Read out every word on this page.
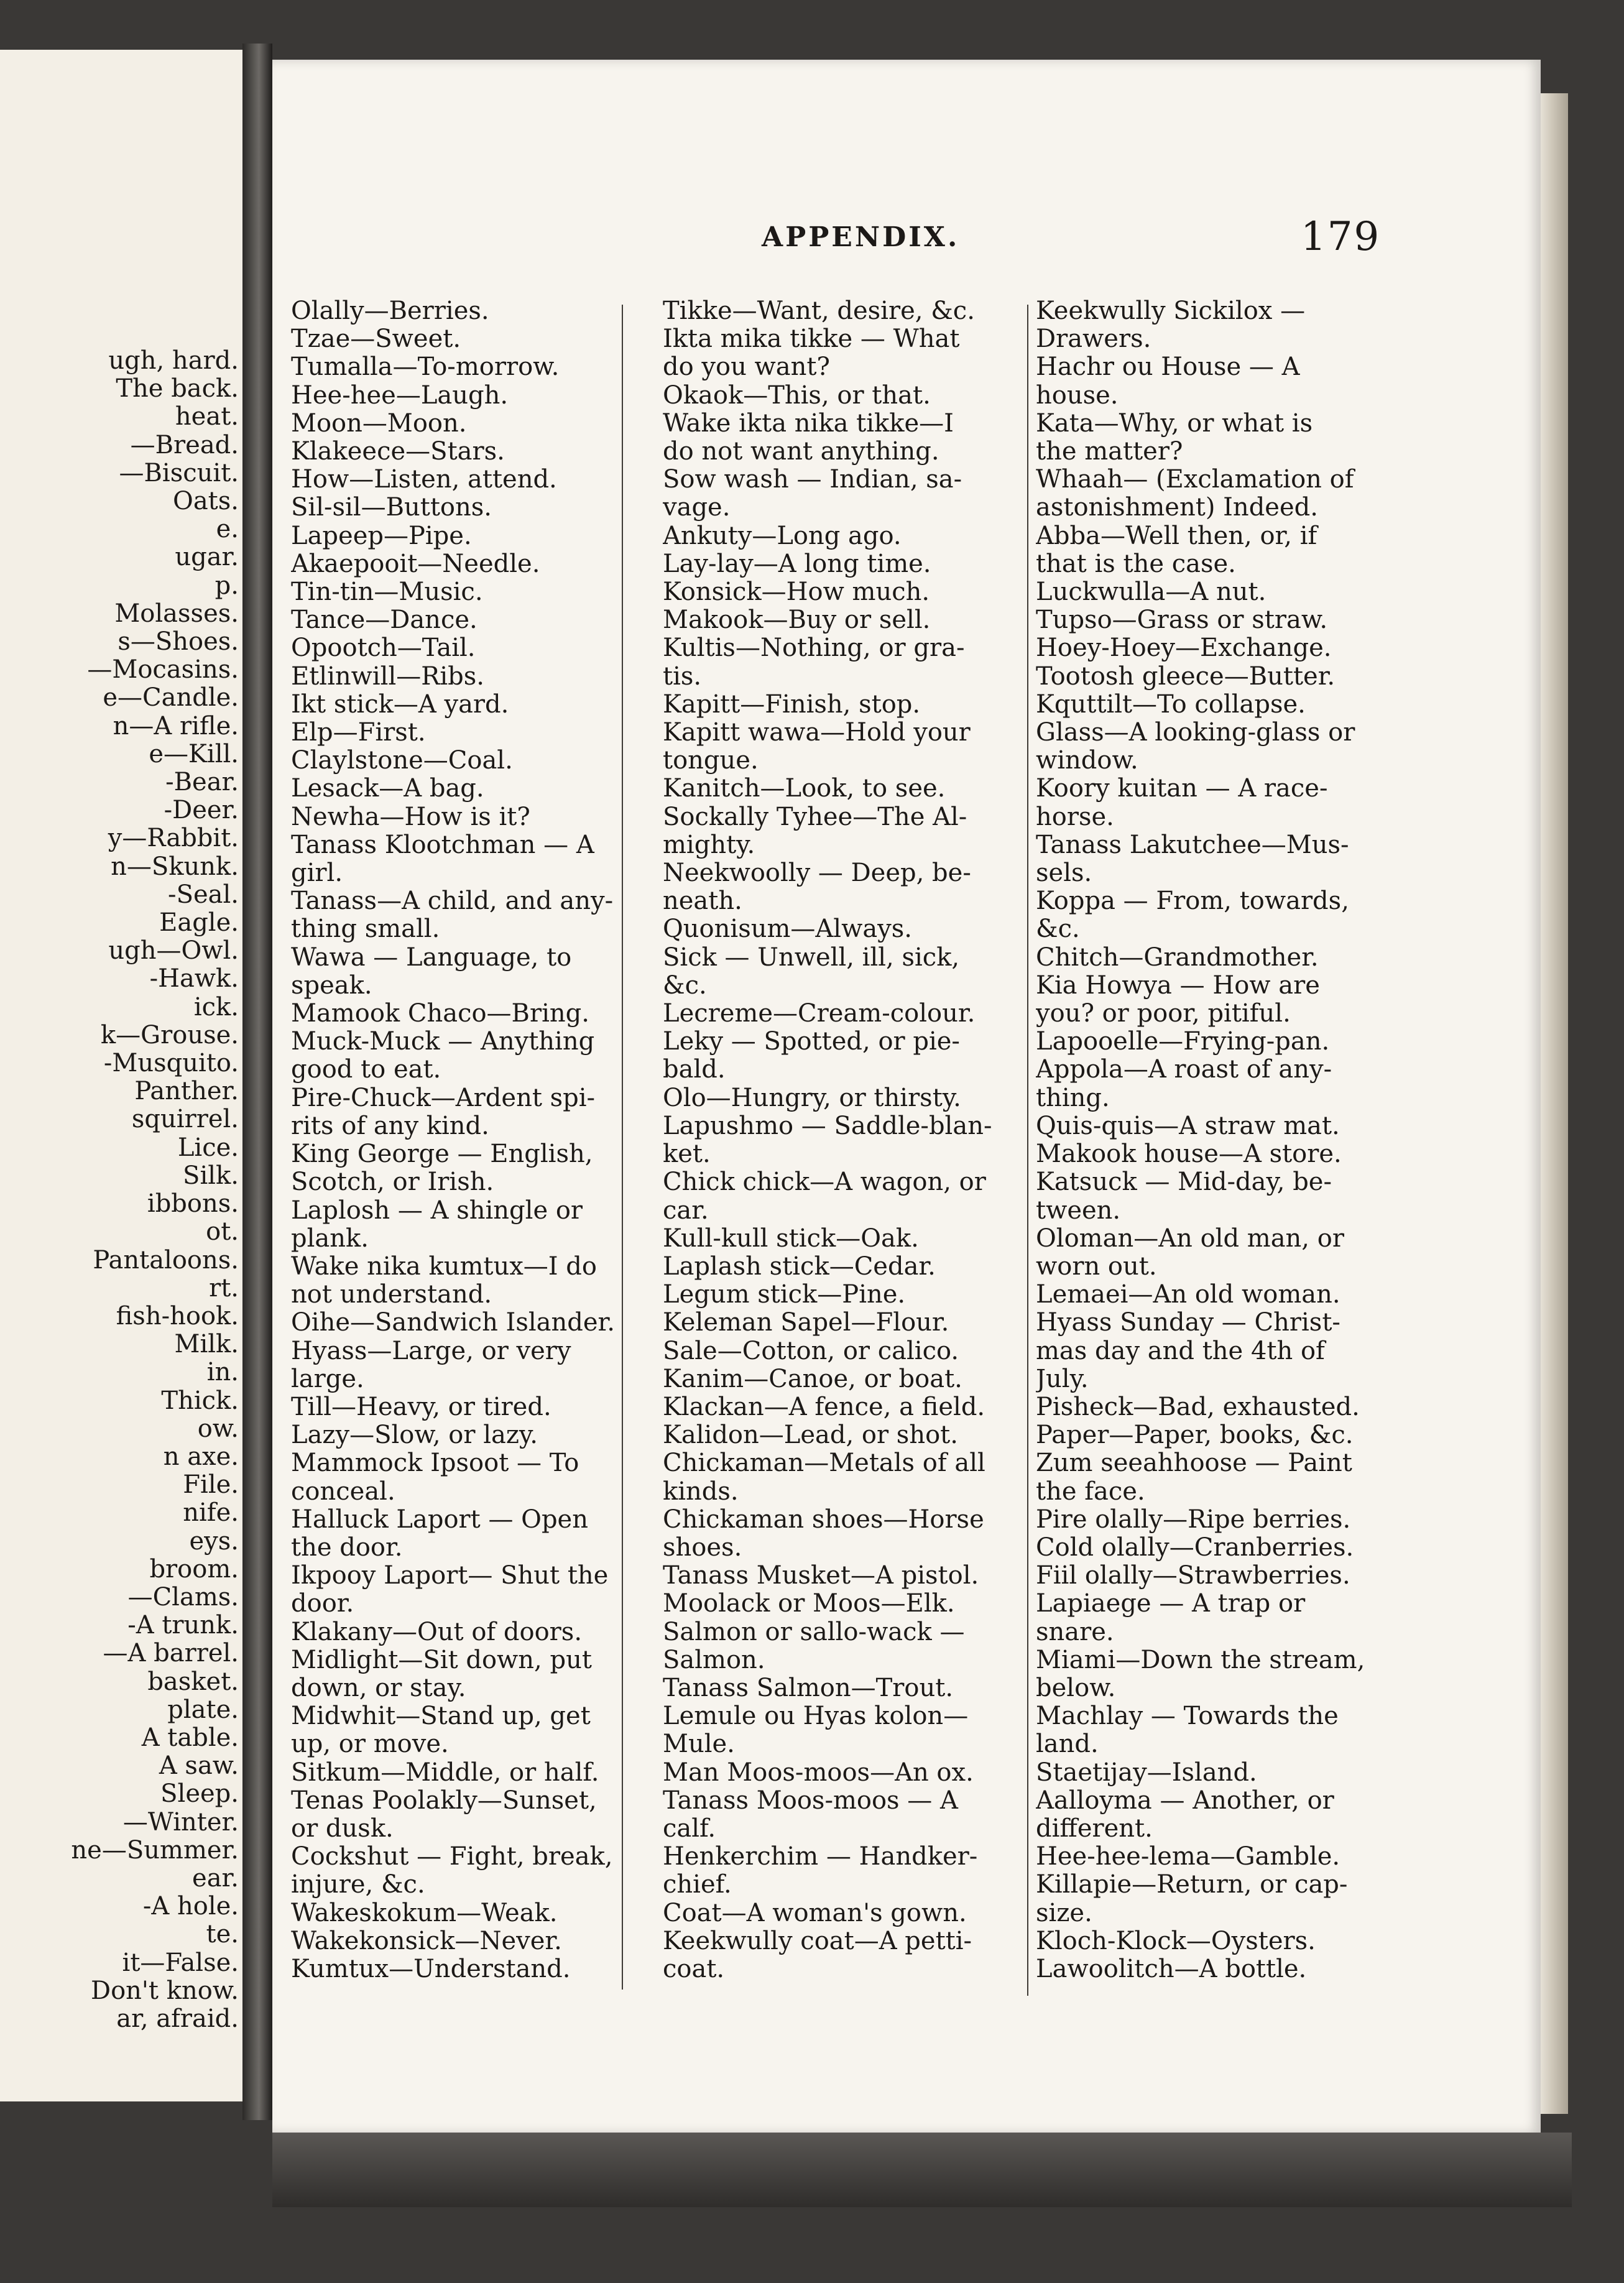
ugh, hard.
The back.
heat.
—Bread.
—Biscuit.
Oats.
e.
ugar.
p.
Molasses.
s—Shoes.
—Mocasins.
e—Candle.
n—A rifle.
e—Kill.
-Bear.
-Deer.
y—Rabbit.
n—Skunk.
-Seal.
Eagle.
ugh—Owl.
-Hawk.
ick.
k—Grouse.
-Musquito.
Panther.
squirrel.
Lice.
Silk.
ibbons.
ot.
Pantaloons.
rt.
fish-hook.
Milk.
in.
Thick.
ow.
n axe.
File.
nife.
eys.
broom.
—Clams.
-A trunk.
—A barrel.
basket.
plate.
A table.
A saw.
Sleep.
—Winter.
ne—Summer.
ear.
-A hole.
te.
it—False.
Don't know.
ar, afraid.
APPENDIX.	179
Olally—Berries.
Tzae—Sweet.
Tumalla—To-morrow.
Hee-hee—Laugh.
Moon—Moon.
Klakeece—Stars.
How—Listen, attend.
Sil-sil—Buttons.
Lapeep—Pipe.
Akaepooit—Needle.
Tin-tin—Music.
Tance—Dance.
Opootch—Tail.
Etlinwill—Ribs.
Ikt stick—A yard.
Elp—First.
Claylstone—Coal.
Lesack—A bag.
Newha—How is it?
Tanass Klootchman — A
girl.
Tanass—A child, and any-
thing small.
Wawa — Language, to
speak.
Mamook Chaco—Bring.
Muck-Muck — Anything
good to eat.
Pire-Chuck—Ardent spi-
rits of any kind.
King George — English,
Scotch, or Irish.
Laplosh — A shingle or
plank.
Wake nika kumtux—I do
not understand.
Oihe—Sandwich Islander.
Hyass—Large, or very
large.
Till—Heavy, or tired.
Lazy—Slow, or lazy.
Mammock Ipsoot — To
conceal.
Halluck Laport — Open
the door.
Ikpooy Laport— Shut the
door.
Klakany—Out of doors.
Midlight—Sit down, put
down, or stay.
Midwhit—Stand up, get
up, or move.
Sitkum—Middle, or half.
Tenas Poolakly—Sunset,
or dusk.
Cockshut — Fight, break,
injure, &c.
Wakeskokum—Weak.
Wakekonsick—Never.
Kumtux—Understand.
Tikke—Want, desire, &c.
Ikta mika tikke — What
do you want?
Okaok—This, or that.
Wake ikta nika tikke—I
do not want anything.
Sow wash — Indian, sa-
vage.
Ankuty—Long ago.
Lay-lay—A long time.
Konsick—How much.
Makook—Buy or sell.
Kultis—Nothing, or gra-
tis.
Kapitt—Finish, stop.
Kapitt wawa—Hold your
tongue.
Kanitch—Look, to see.
Sockally Tyhee—The Al-
mighty.
Neekwoolly — Deep, be-
neath.
Quonisum—Always.
Sick — Unwell, ill, sick,
&c.
Lecreme—Cream-colour.
Leky — Spotted, or pie-
bald.
Olo—Hungry, or thirsty.
Lapushmo — Saddle-blan-
ket.
Chick chick—A wagon, or
car.
Kull-kull stick—Oak.
Laplash stick—Cedar.
Legum stick—Pine.
Keleman Sapel—Flour.
Sale—Cotton, or calico.
Kanim—Canoe, or boat.
Klackan—A fence, a field.
Kalidon—Lead, or shot.
Chickaman—Metals of all
kinds.
Chickaman shoes—Horse
shoes.
Tanass Musket—A pistol.
Moolack or Moos—Elk.
Salmon or sallo-wack —
Salmon.
Tanass Salmon—Trout.
Lemule ou Hyas kolon—
Mule.
Man Moos-moos—An ox.
Tanass Moos-moos — A
calf.
Henkerchim — Handker-
chief.
Coat—A woman's gown.
Keekwully coat—A petti-
coat.
Keekwully Sickilox —
Drawers.
Hachr ou House — A
house.
Kata—Why, or what is
the matter?
Whaah— (Exclamation of
astonishment) Indeed.
Abba—Well then, or, if
that is the case.
Luckwulla—A nut.
Tupso—Grass or straw.
Hoey-Hoey—Exchange.
Tootosh gleece—Butter.
Kquttilt—To collapse.
Glass—A looking-glass or
window.
Koory kuitan — A race-
horse.
Tanass Lakutchee—Mus-
sels.
Koppa — From, towards,
&c.
Chitch—Grandmother.
Kia Howya — How are
you? or poor, pitiful.
Lapooelle—Frying-pan.
Appola—A roast of any-
thing.
Quis-quis—A straw mat.
Makook house—A store.
Katsuck — Mid-day, be-
tween.
Oloman—An old man, or
worn out.
Lemaei—An old woman.
Hyass Sunday — Christ-
mas day and the 4th of
July.
Pisheck—Bad, exhausted.
Paper—Paper, books, &c.
Zum seeahhoose — Paint
the face.
Pire olally—Ripe berries.
Cold olally—Cranberries.
Fiil olally—Strawberries.
Lapiaege — A trap or
snare.
Miami—Down the stream,
below.
Machlay — Towards the
land.
Staetijay—Island.
Aalloyma — Another, or
different.
Hee-hee-lema—Gamble.
Killapie—Return, or cap-
size.
Kloch-Klock—Oysters.
Lawoolitch—A bottle.
